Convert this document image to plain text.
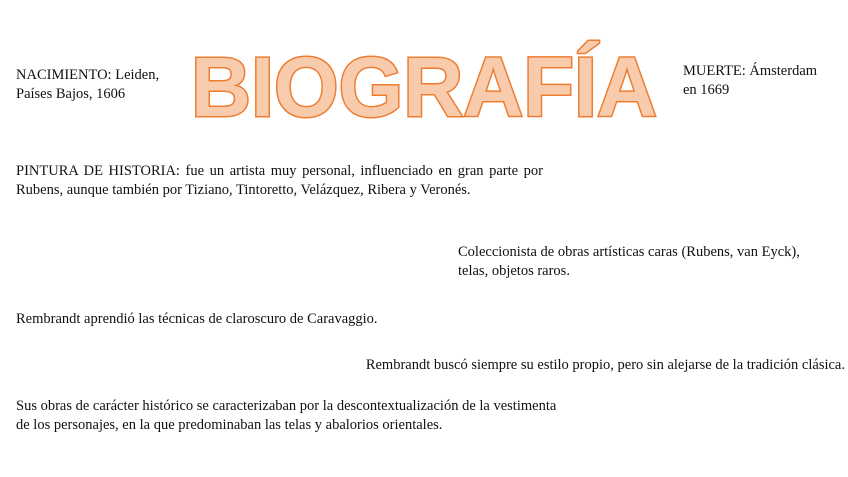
NACIMIENTO: Leiden,
Países Bajos, 1606 BIOGRAFÍA MUERTE: Ámsterdam
en 1669

PINTURA DE HISTORIA: fue un artista muy personal, influenciado en gran parte por Rubens, aunque también por Tiziano, Tintoretto, Velázquez, Ribera y Veronés.

Coleccionista de obras artísticas caras (Rubens, van Eyck),
telas, objetos raros.

Rembrandt aprendió las técnicas de claroscuro de Caravaggio.

Rembrandt buscó siempre su estilo propio, pero sin alejarse de la tradición clásica.

Sus obras de carácter histórico se caracterizaban por la descontextualización de la vestimenta
de los personajes, en la que predominaban las telas y abalorios orientales.
